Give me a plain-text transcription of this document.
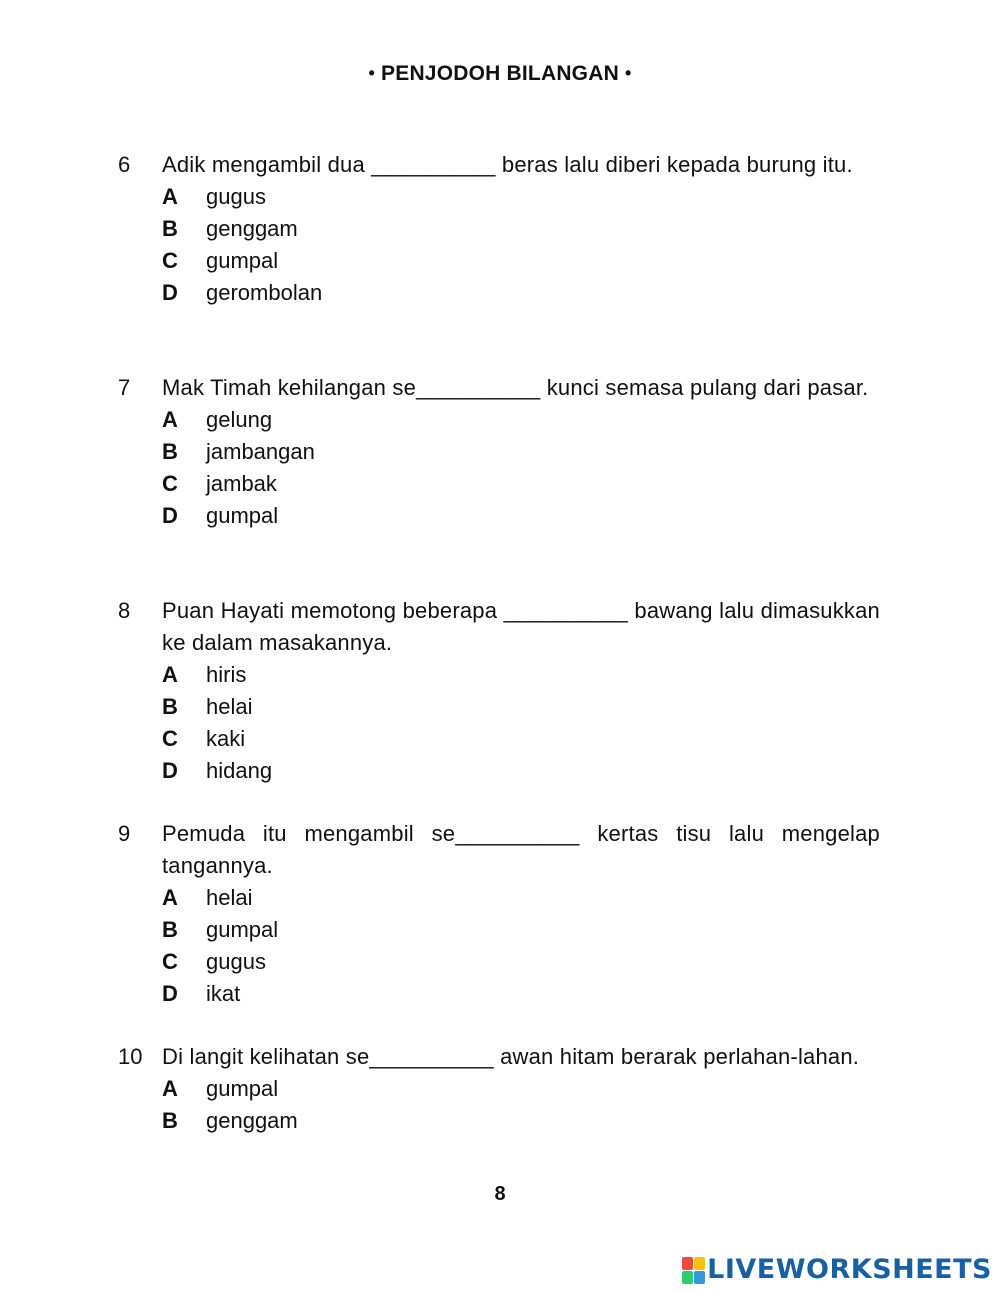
• PENJODOH BILANGAN •
6 Adik mengambil dua __________ beras lalu diberi kepada burung itu.
A	gugus
B	genggam
C	gumpal
D	gerombolan
7 Mak Timah kehilangan se__________ kunci semasa pulang dari pasar.
A	gelung
B	jambangan
C	jambak
D	gumpal
8 Puan Hayati memotong beberapa __________ bawang lalu dimasukkan ke dalam masakannya.
A	hiris
B	helai
C	kaki
D	hidang
9 Pemuda itu mengambil se__________ kertas tisu lalu mengelap tangannya.
A	helai
B	gumpal
C	gugus
D	ikat
10 Di langit kelihatan se__________ awan hitam berarak perlahan-lahan.
A	gumpal
B	genggam
8
LIVEWORKSHEETS
